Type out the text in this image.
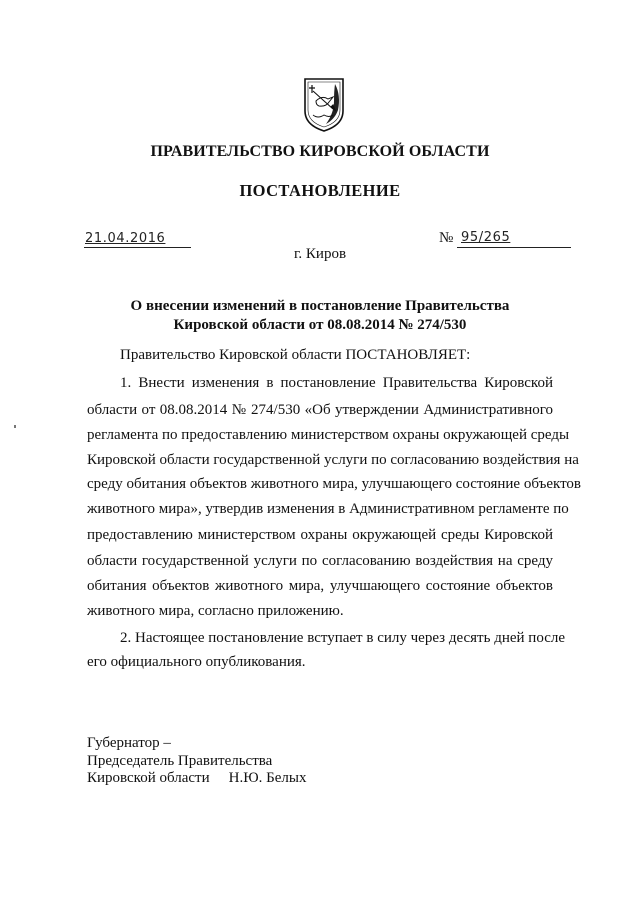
ПРАВИТЕЛЬСТВО КИРОВСКОЙ ОБЛАСТИ
ПОСТАНОВЛЕНИЕ
21.04.2016	№ 95/265
г. Киров
О внесении изменений в постановление Правительства
Кировской области от 08.08.2014 № 274/530
Правительство Кировской области ПОСТАНОВЛЯЕТ:
1. Внести изменения в постановление Правительства Кировской
области от 08.08.2014 № 274/530 «Об утверждении Административного
регламента по предоставлению министерством охраны окружающей среды
Кировской области государственной услуги по согласованию воздействия на
среду обитания объектов животного мира, улучшающего состояние объектов
животного мира», утвердив изменения в Административном регламенте по
предоставлению министерством охраны окружающей среды Кировской
области государственной услуги по согласованию воздействия на среду
обитания объектов животного мира, улучшающего состояние объектов
животного мира, согласно приложению.
2. Настоящее постановление вступает в силу через десять дней после
его официального опубликования.
Губернатор –
Председатель Правительства
Кировской области Н.Ю. Белых
